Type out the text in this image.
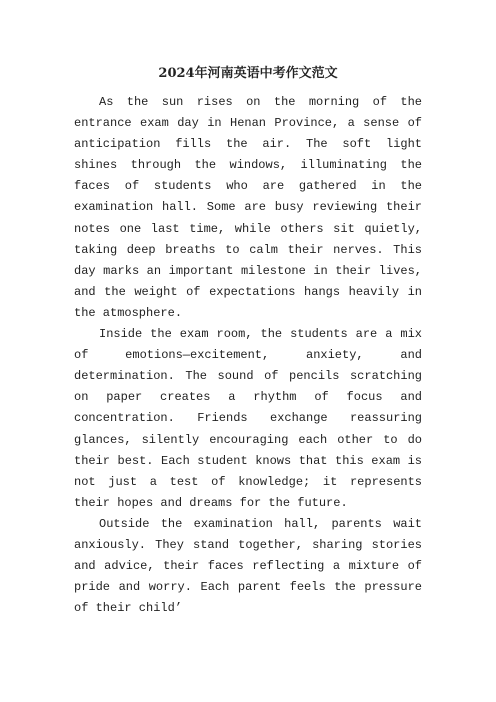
2024年河南英语中考作文范文

As the sun rises on the morning of the entrance exam day in Henan Province, a sense of anticipation fills the air. The soft light shines through the windows, illuminating the faces of students who are gathered in the examination hall. Some are busy reviewing their notes one last time, while others sit quietly, taking deep breaths to calm their nerves. This day marks an important milestone in their lives, and the weight of expectations hangs heavily in the atmosphere.

Inside the exam room, the students are a mix of emotions—excitement, anxiety, and determination. The sound of pencils scratching on paper creates a rhythm of focus and concentration. Friends exchange reassuring glances, silently encouraging each other to do their best. Each student knows that this exam is not just a test of knowledge; it represents their hopes and dreams for the future.

Outside the examination hall, parents wait anxiously. They stand together, sharing stories and advice, their faces reflecting a mixture of pride and worry. Each parent feels the pressure of their child’
